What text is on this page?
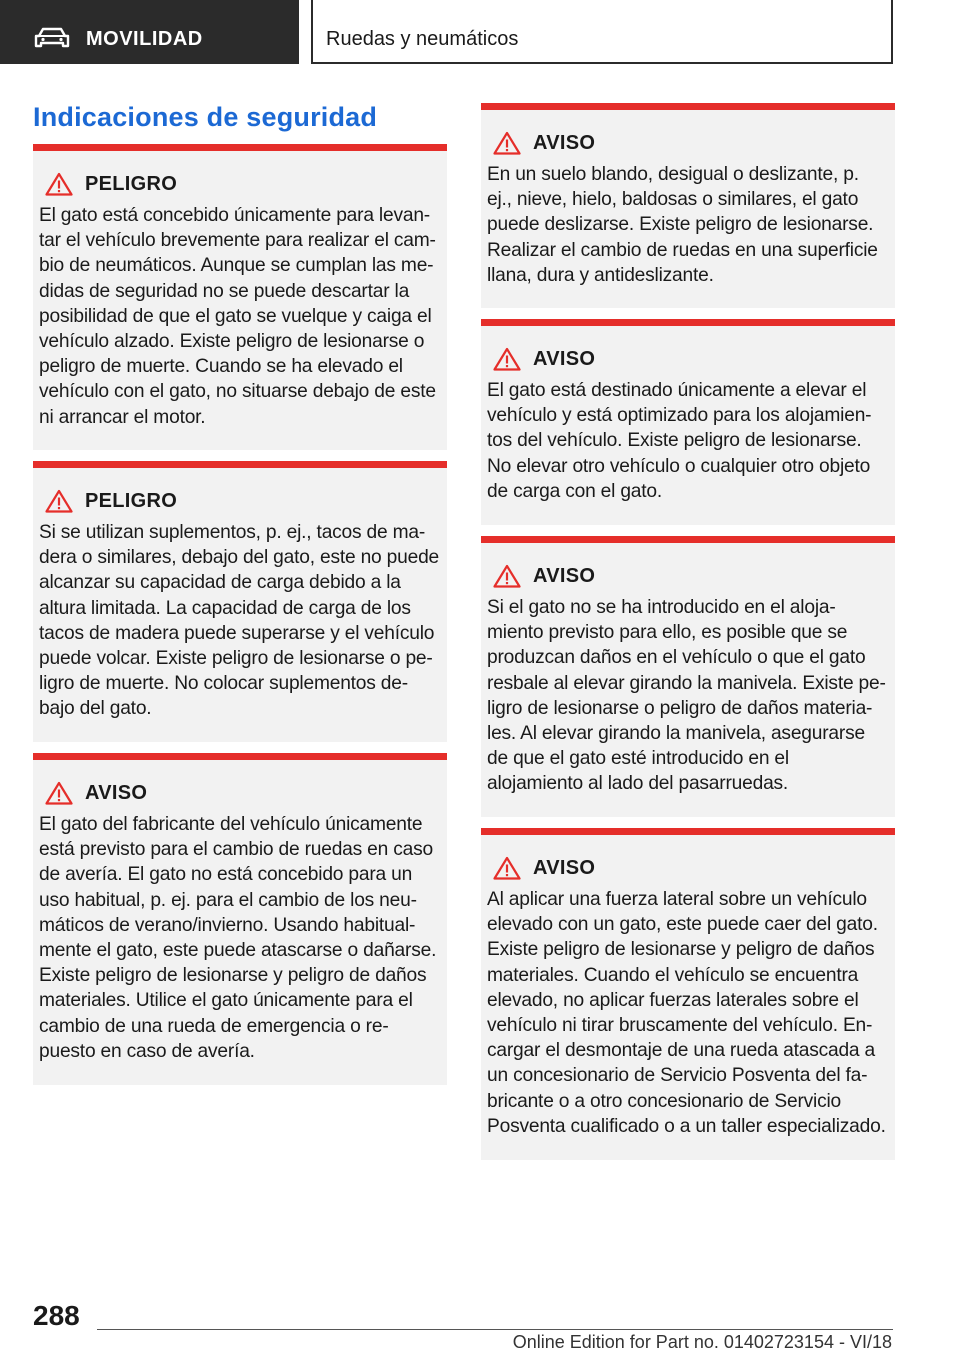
MOVILIDAD	Ruedas y neumáticos
Indicaciones de seguridad
PELIGRO

El gato está concebido únicamente para levan-tar el vehículo brevemente para realizar el cam-bio de neumáticos. Aunque se cumplan las me-didas de seguridad no se puede descartar la posibilidad de que el gato se vuelque y caiga el vehículo alzado. Existe peligro de lesionarse o peligro de muerte. Cuando se ha elevado el vehículo con el gato, no situarse debajo de este ni arrancar el motor.

PELIGRO

Si se utilizan suplementos, p. ej., tacos de ma-dera o similares, debajo del gato, este no puede alcanzar su capacidad de carga debido a la altura limitada. La capacidad de carga de los tacos de madera puede superarse y el vehículo puede volcar. Existe peligro de lesionarse o pe-ligro de muerte. No colocar suplementos de-bajo del gato.

AVISO

El gato del fabricante del vehículo únicamente está previsto para el cambio de ruedas en caso de avería. El gato no está concebido para un uso habitual, p. ej. para el cambio de los neu-máticos de verano/invierno. Usando habitual-mente el gato, este puede atascarse o dañarse. Existe peligro de lesionarse y peligro de daños materiales. Utilice el gato únicamente para el cambio de una rueda de emergencia o re-puesto en caso de avería.

AVISO

En un suelo blando, desigual o deslizante, p. ej., nieve, hielo, baldosas o similares, el gato puede deslizarse. Existe peligro de lesionarse. Realizar el cambio de ruedas en una superficie llana, dura y antideslizante.

AVISO

El gato está destinado únicamente a elevar el vehículo y está optimizado para los alojamien-tos del vehículo. Existe peligro de lesionarse. No elevar otro vehículo o cualquier otro objeto de carga con el gato.

AVISO

Si el gato no se ha introducido en el aloja-miento previsto para ello, es posible que se produzcan daños en el vehículo o que el gato resbale al elevar girando la manivela. Existe pe-ligro de lesionarse o peligro de daños materia-les. Al elevar girando la manivela, asegurarse de que el gato esté introducido en el alojamiento al lado del pasarruedas.

AVISO

Al aplicar una fuerza lateral sobre un vehículo elevado con un gato, este puede caer del gato. Existe peligro de lesionarse y peligro de daños materiales. Cuando el vehículo se encuentra elevado, no aplicar fuerzas laterales sobre el vehículo ni tirar bruscamente del vehículo. En-cargar el desmontaje de una rueda atascada a un concesionario de Servicio Posventa del fa-bricante o a otro concesionario de Servicio Posventa cualificado o a un taller especializado.

288
Online Edition for Part no. 01402723154 - VI/18
